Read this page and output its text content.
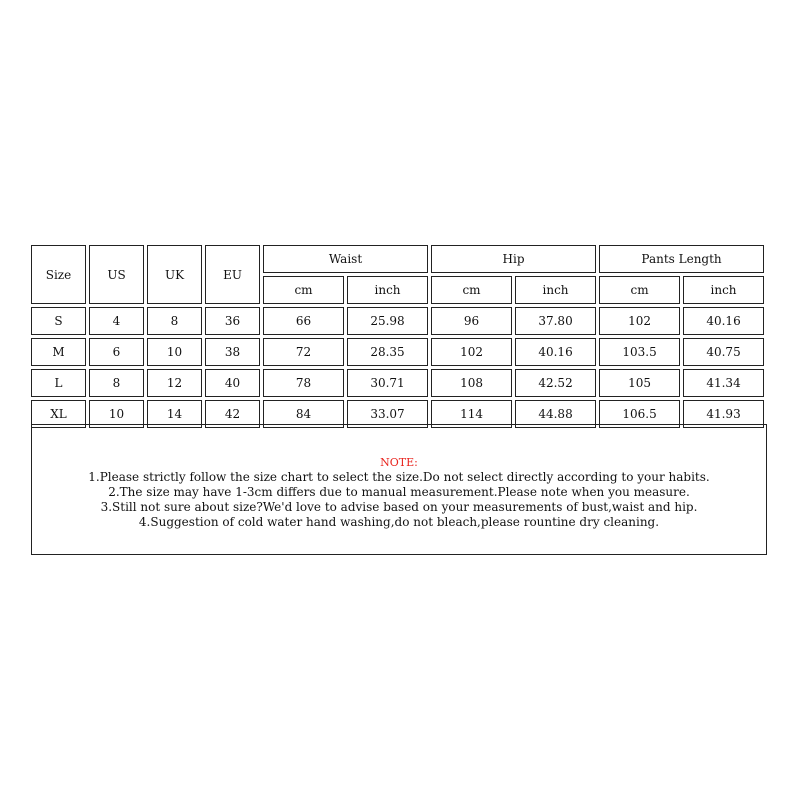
Size	US	UK	EU	Waist		Hip		Pants Length	
				cm	inch	cm	inch	cm	inch
S	4	8	36	66	25.98	96	37.80	102	40.16
M	6	10	38	72	28.35	102	40.16	103.5	40.75
L	8	12	40	78	30.71	108	42.52	105	41.34
XL	10	14	42	84	33.07	114	44.88	106.5	41.93
NOTE:
1.Please strictly follow the size chart to select the size.Do not select directly according to your habits.
2.The size may have 1-3cm differs due to manual measurement.Please note when you measure.
3.Still not sure about size?We'd love to advise based on your measurements of bust,waist and hip.
4.Suggestion of cold water hand washing,do not bleach,please rountine dry cleaning.
